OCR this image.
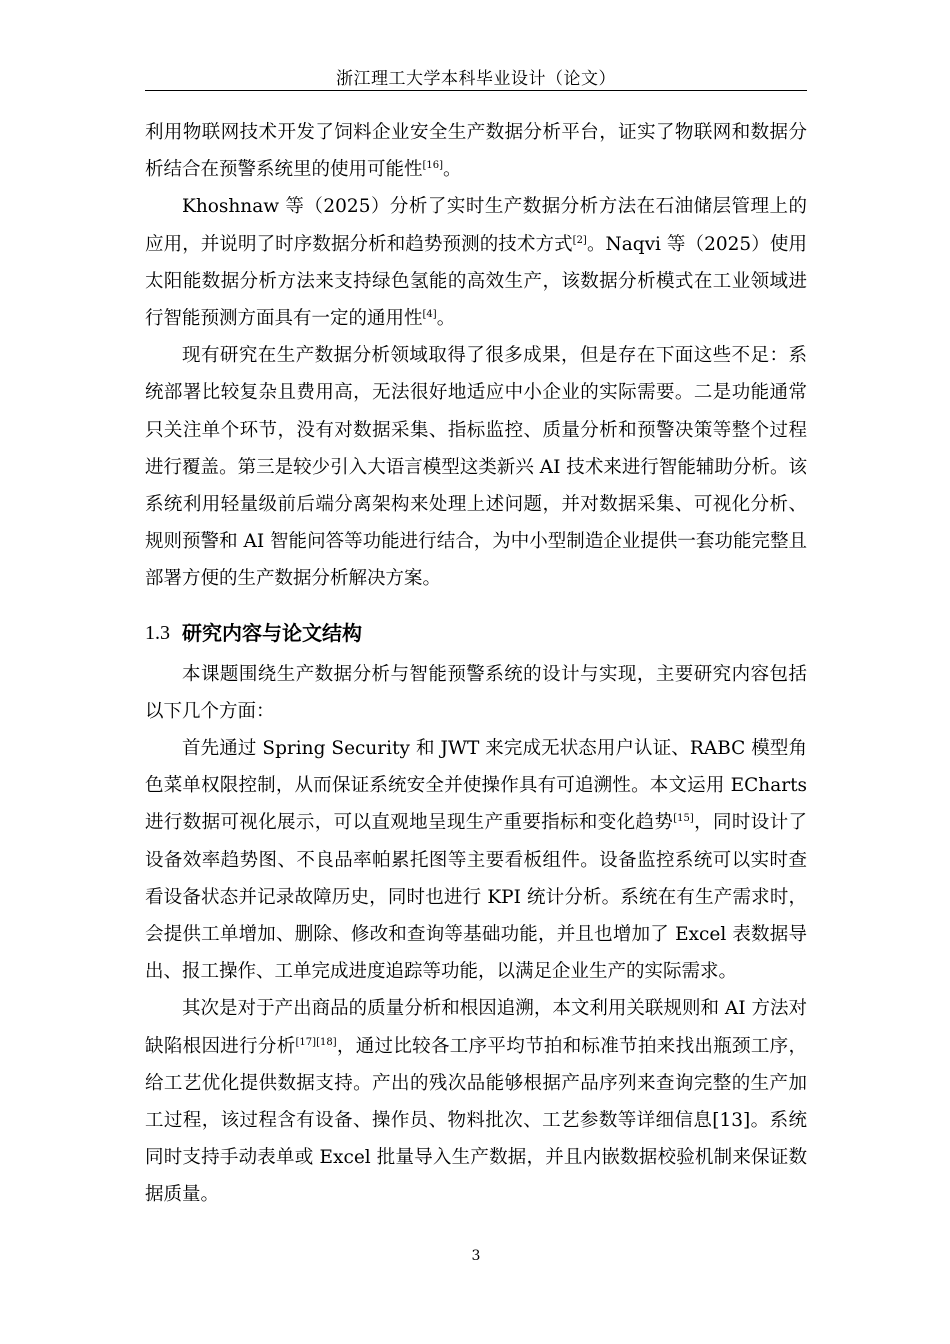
浙江理工大学本科毕业设计（论文）

利用物联网技术开发了饲料企业安全生产数据分析平台，证实了物联网和数据分析结合在预警系统里的使用可能性[16]。

Khoshnaw 等（2025）分析了实时生产数据分析方法在石油储层管理上的应用，并说明了时序数据分析和趋势预测的技术方式[2]。Naqvi 等（2025）使用太阳能数据分析方法来支持绿色氢能的高效生产，该数据分析模式在工业领域进行智能预测方面具有一定的通用性[4]。

现有研究在生产数据分析领域取得了很多成果，但是存在下面这些不足：系统部署比较复杂且费用高，无法很好地适应中小企业的实际需要。二是功能通常只关注单个环节，没有对数据采集、指标监控、质量分析和预警决策等整个过程进行覆盖。第三是较少引入大语言模型这类新兴 AI 技术来进行智能辅助分析。该系统利用轻量级前后端分离架构来处理上述问题，并对数据采集、可视化分析、规则预警和 AI 智能问答等功能进行结合，为中小型制造企业提供一套功能完整且部署方便的生产数据分析解决方案。

1.3 研究内容与论文结构

本课题围绕生产数据分析与智能预警系统的设计与实现，主要研究内容包括以下几个方面：

首先通过 Spring Security 和 JWT 来完成无状态用户认证、RABC 模型角色菜单权限控制，从而保证系统安全并使操作具有可追溯性。本文运用 ECharts 进行数据可视化展示，可以直观地呈现生产重要指标和变化趋势[15]，同时设计了设备效率趋势图、不良品率帕累托图等主要看板组件。设备监控系统可以实时查看设备状态并记录故障历史，同时也进行 KPI 统计分析。系统在有生产需求时，会提供工单增加、删除、修改和查询等基础功能，并且也增加了 Excel 表数据导出、报工操作、工单完成进度追踪等功能，以满足企业生产的实际需求。

其次是对于产出商品的质量分析和根因追溯，本文利用关联规则和 AI 方法对缺陷根因进行分析[17][18]，通过比较各工序平均节拍和标准节拍来找出瓶颈工序，给工艺优化提供数据支持。产出的残次品能够根据产品序列来查询完整的生产加工过程，该过程含有设备、操作员、物料批次、工艺参数等详细信息[13]。系统同时支持手动表单或 Excel 批量导入生产数据，并且内嵌数据校验机制来保证数据质量。

3
